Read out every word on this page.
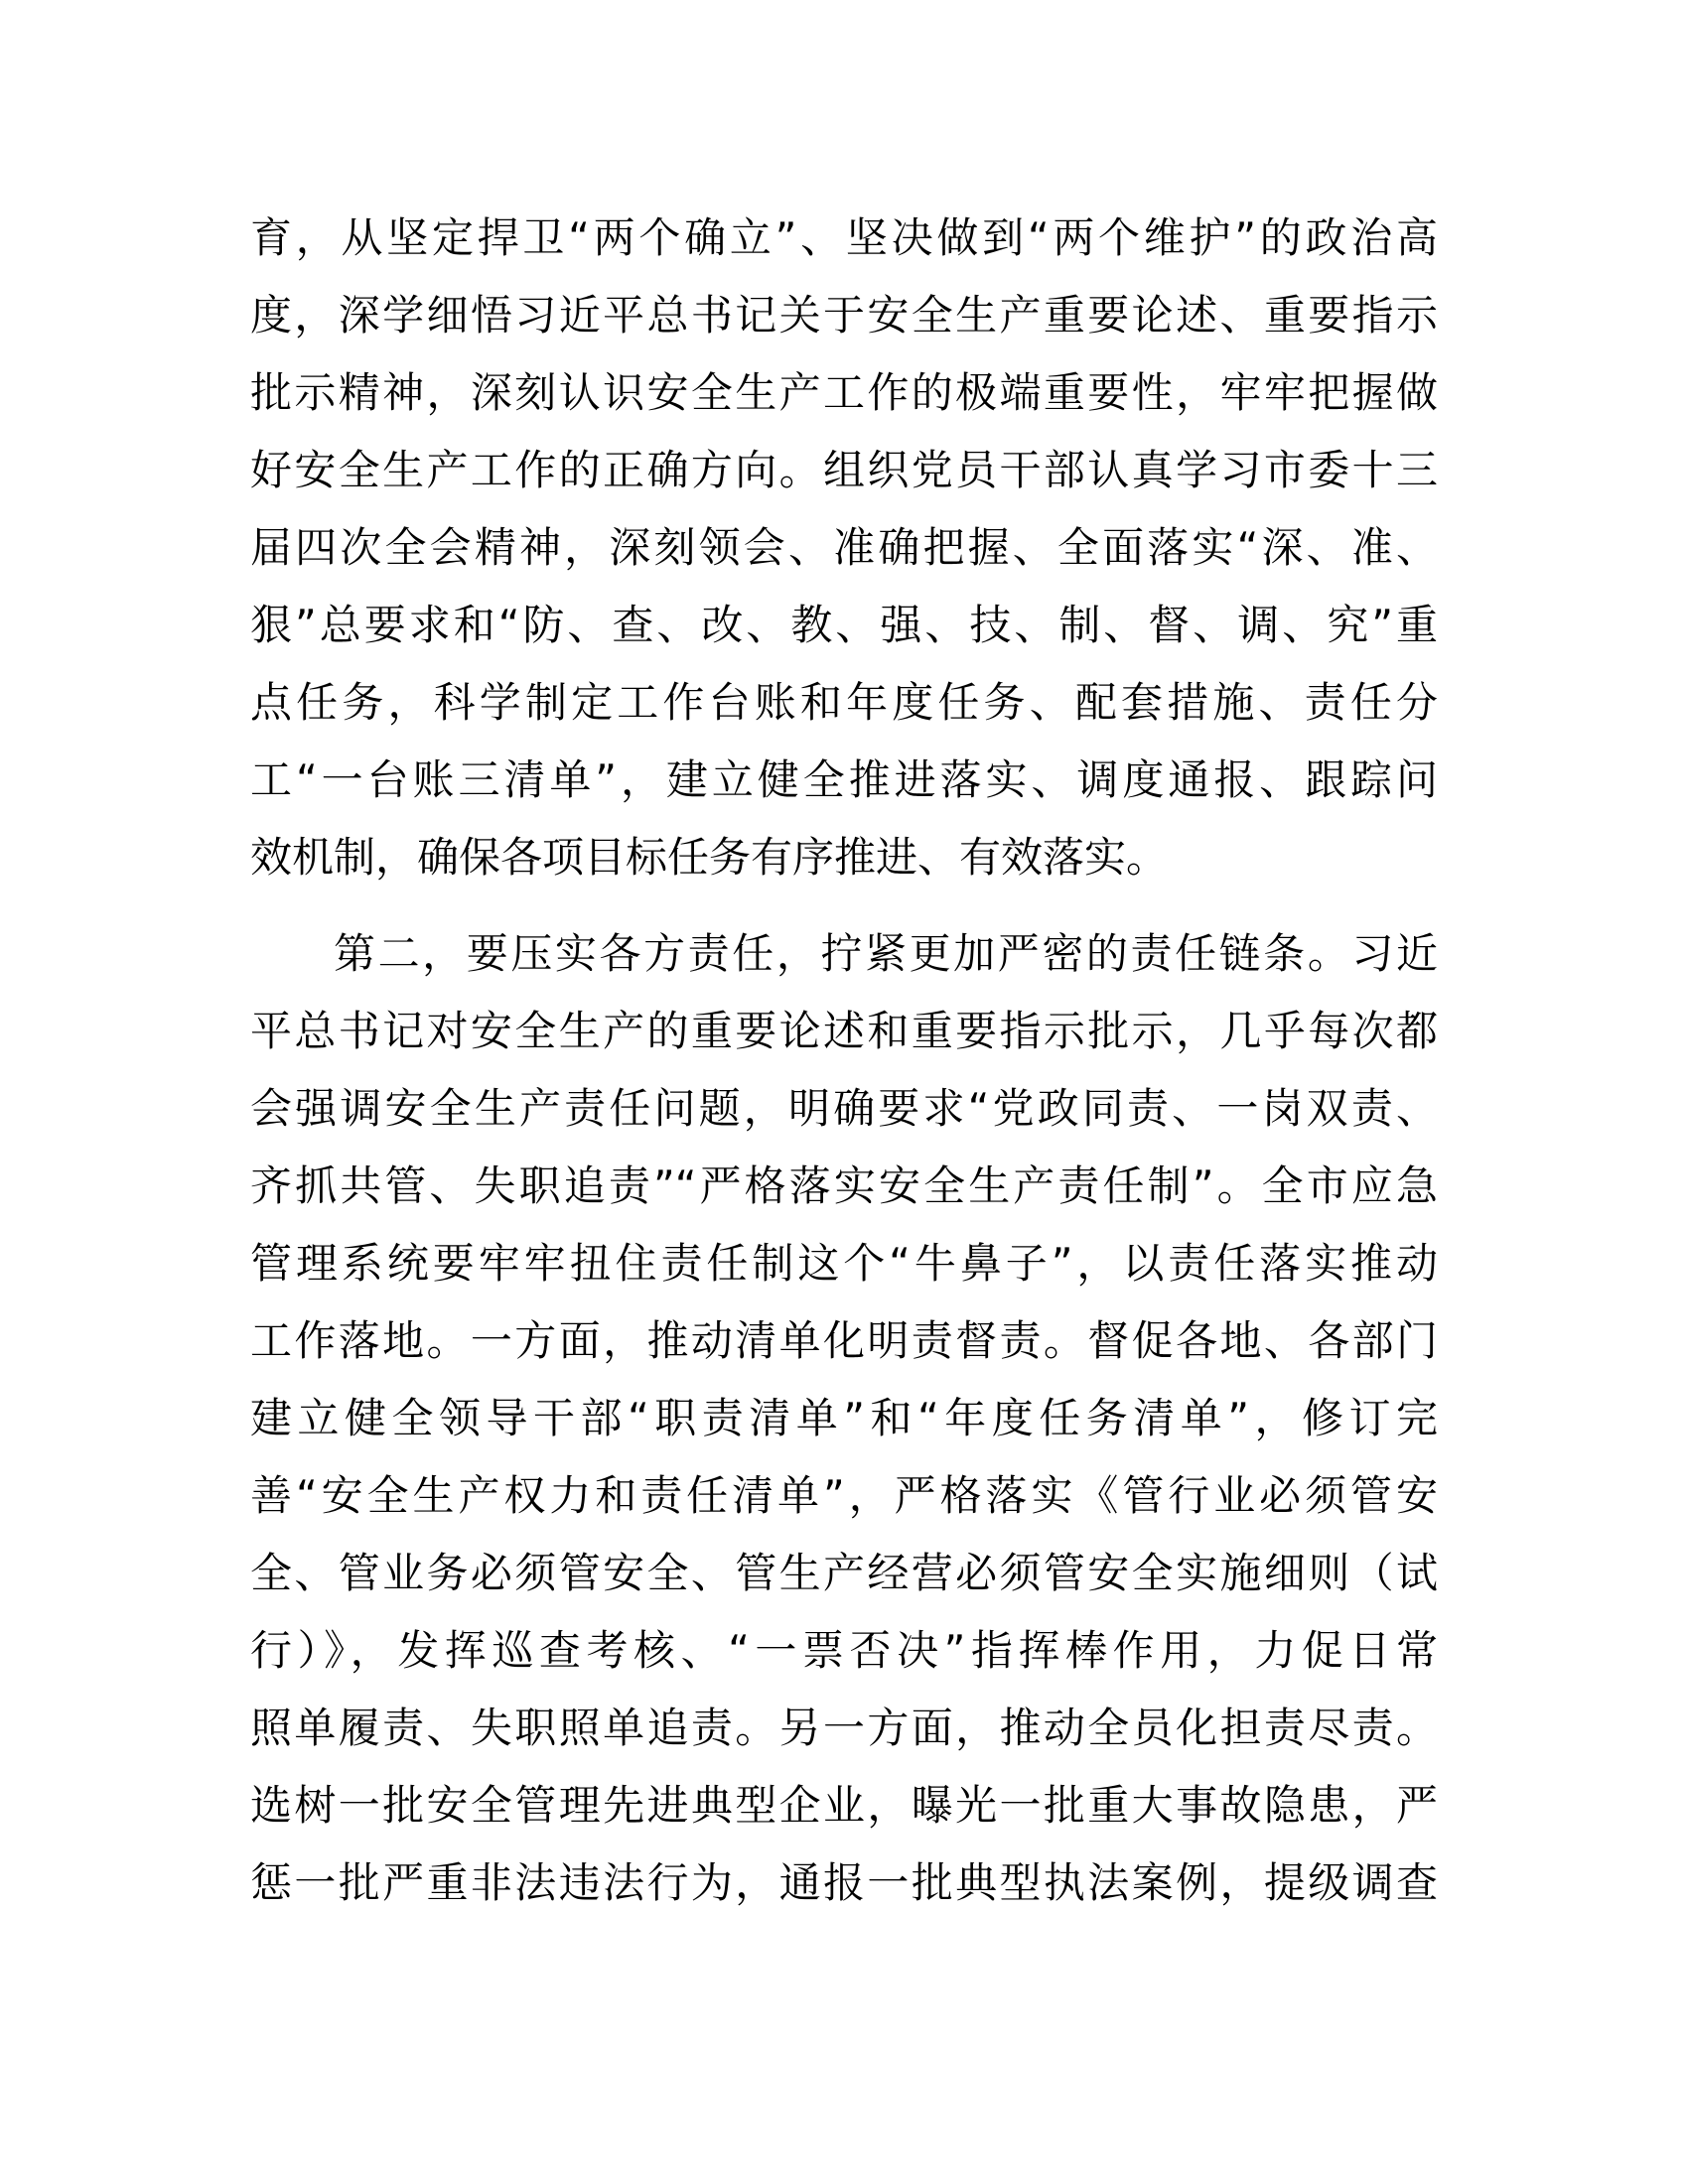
育，从坚定捍卫“两个确立”、坚决做到“两个维护”的政治高
度，深学细悟习近平总书记关于安全生产重要论述、重要指示
批示精神，深刻认识安全生产工作的极端重要性，牢牢把握做
好安全生产工作的正确方向。组织党员干部认真学习市委十三
届四次全会精神，深刻领会、准确把握、全面落实“深、准、
狠”总要求和“防、查、改、教、强、技、制、督、调、究”重
点任务，科学制定工作台账和年度任务、配套措施、责任分
工“一台账三清单”，建立健全推进落实、调度通报、跟踪问
效机制，确保各项目标任务有序推进、有效落实。
第二，要压实各方责任，拧紧更加严密的责任链条。习近
平总书记对安全生产的重要论述和重要指示批示，几乎每次都
会强调安全生产责任问题，明确要求“党政同责、一岗双责、
齐抓共管、失职追责”“严格落实安全生产责任制”。全市应急
管理系统要牢牢扭住责任制这个“牛鼻子”，以责任落实推动
工作落地。一方面，推动清单化明责督责。督促各地、各部门
建立健全领导干部“职责清单”和“年度任务清单”，修订完
善“安全生产权力和责任清单”，严格落实《管行业必须管安
全、管业务必须管安全、管生产经营必须管安全实施细则（试
行）》，发挥巡查考核、“一票否决”指挥棒作用，力促日常
照单履责、失职照单追责。另一方面，推动全员化担责尽责。
选树一批安全管理先进典型企业，曝光一批重大事故隐患，严
惩一批严重非法违法行为，通报一批典型执法案例，提级调查
